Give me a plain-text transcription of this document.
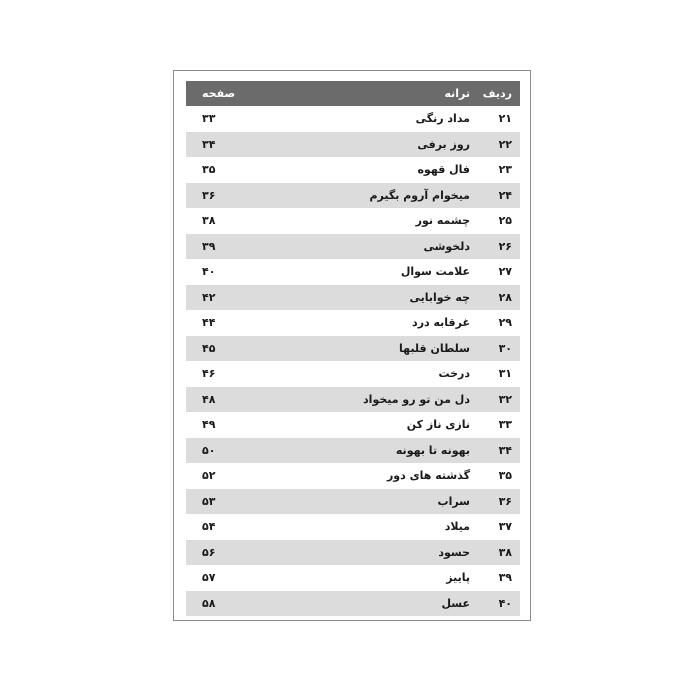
ردیف
ترانه
صفحه
۲۱
مداد رنگی
۳۳
۲۲
روز برفی
۳۴
۲۳
فال قهوه
۳۵
۲۴
میخوام آروم بگیرم
۳۶
۲۵
چشمه نور
۳۸
۲۶
دلخوشی
۳۹
۲۷
علامت سوال
۴۰
۲۸
چه خوابایی
۴۲
۲۹
غرقابه درد
۴۴
۳۰
سلطان قلبها
۴۵
۳۱
درخت
۴۶
۳۲
دل من تو رو میخواد
۴۸
۳۳
نازی ناز کن
۴۹
۳۴
بهونه تا بهونه
۵۰
۳۵
گذشته های دور
۵۲
۳۶
سراب
۵۳
۳۷
میلاد
۵۴
۳۸
حسود
۵۶
۳۹
پاییز
۵۷
۴۰
عسل
۵۸
